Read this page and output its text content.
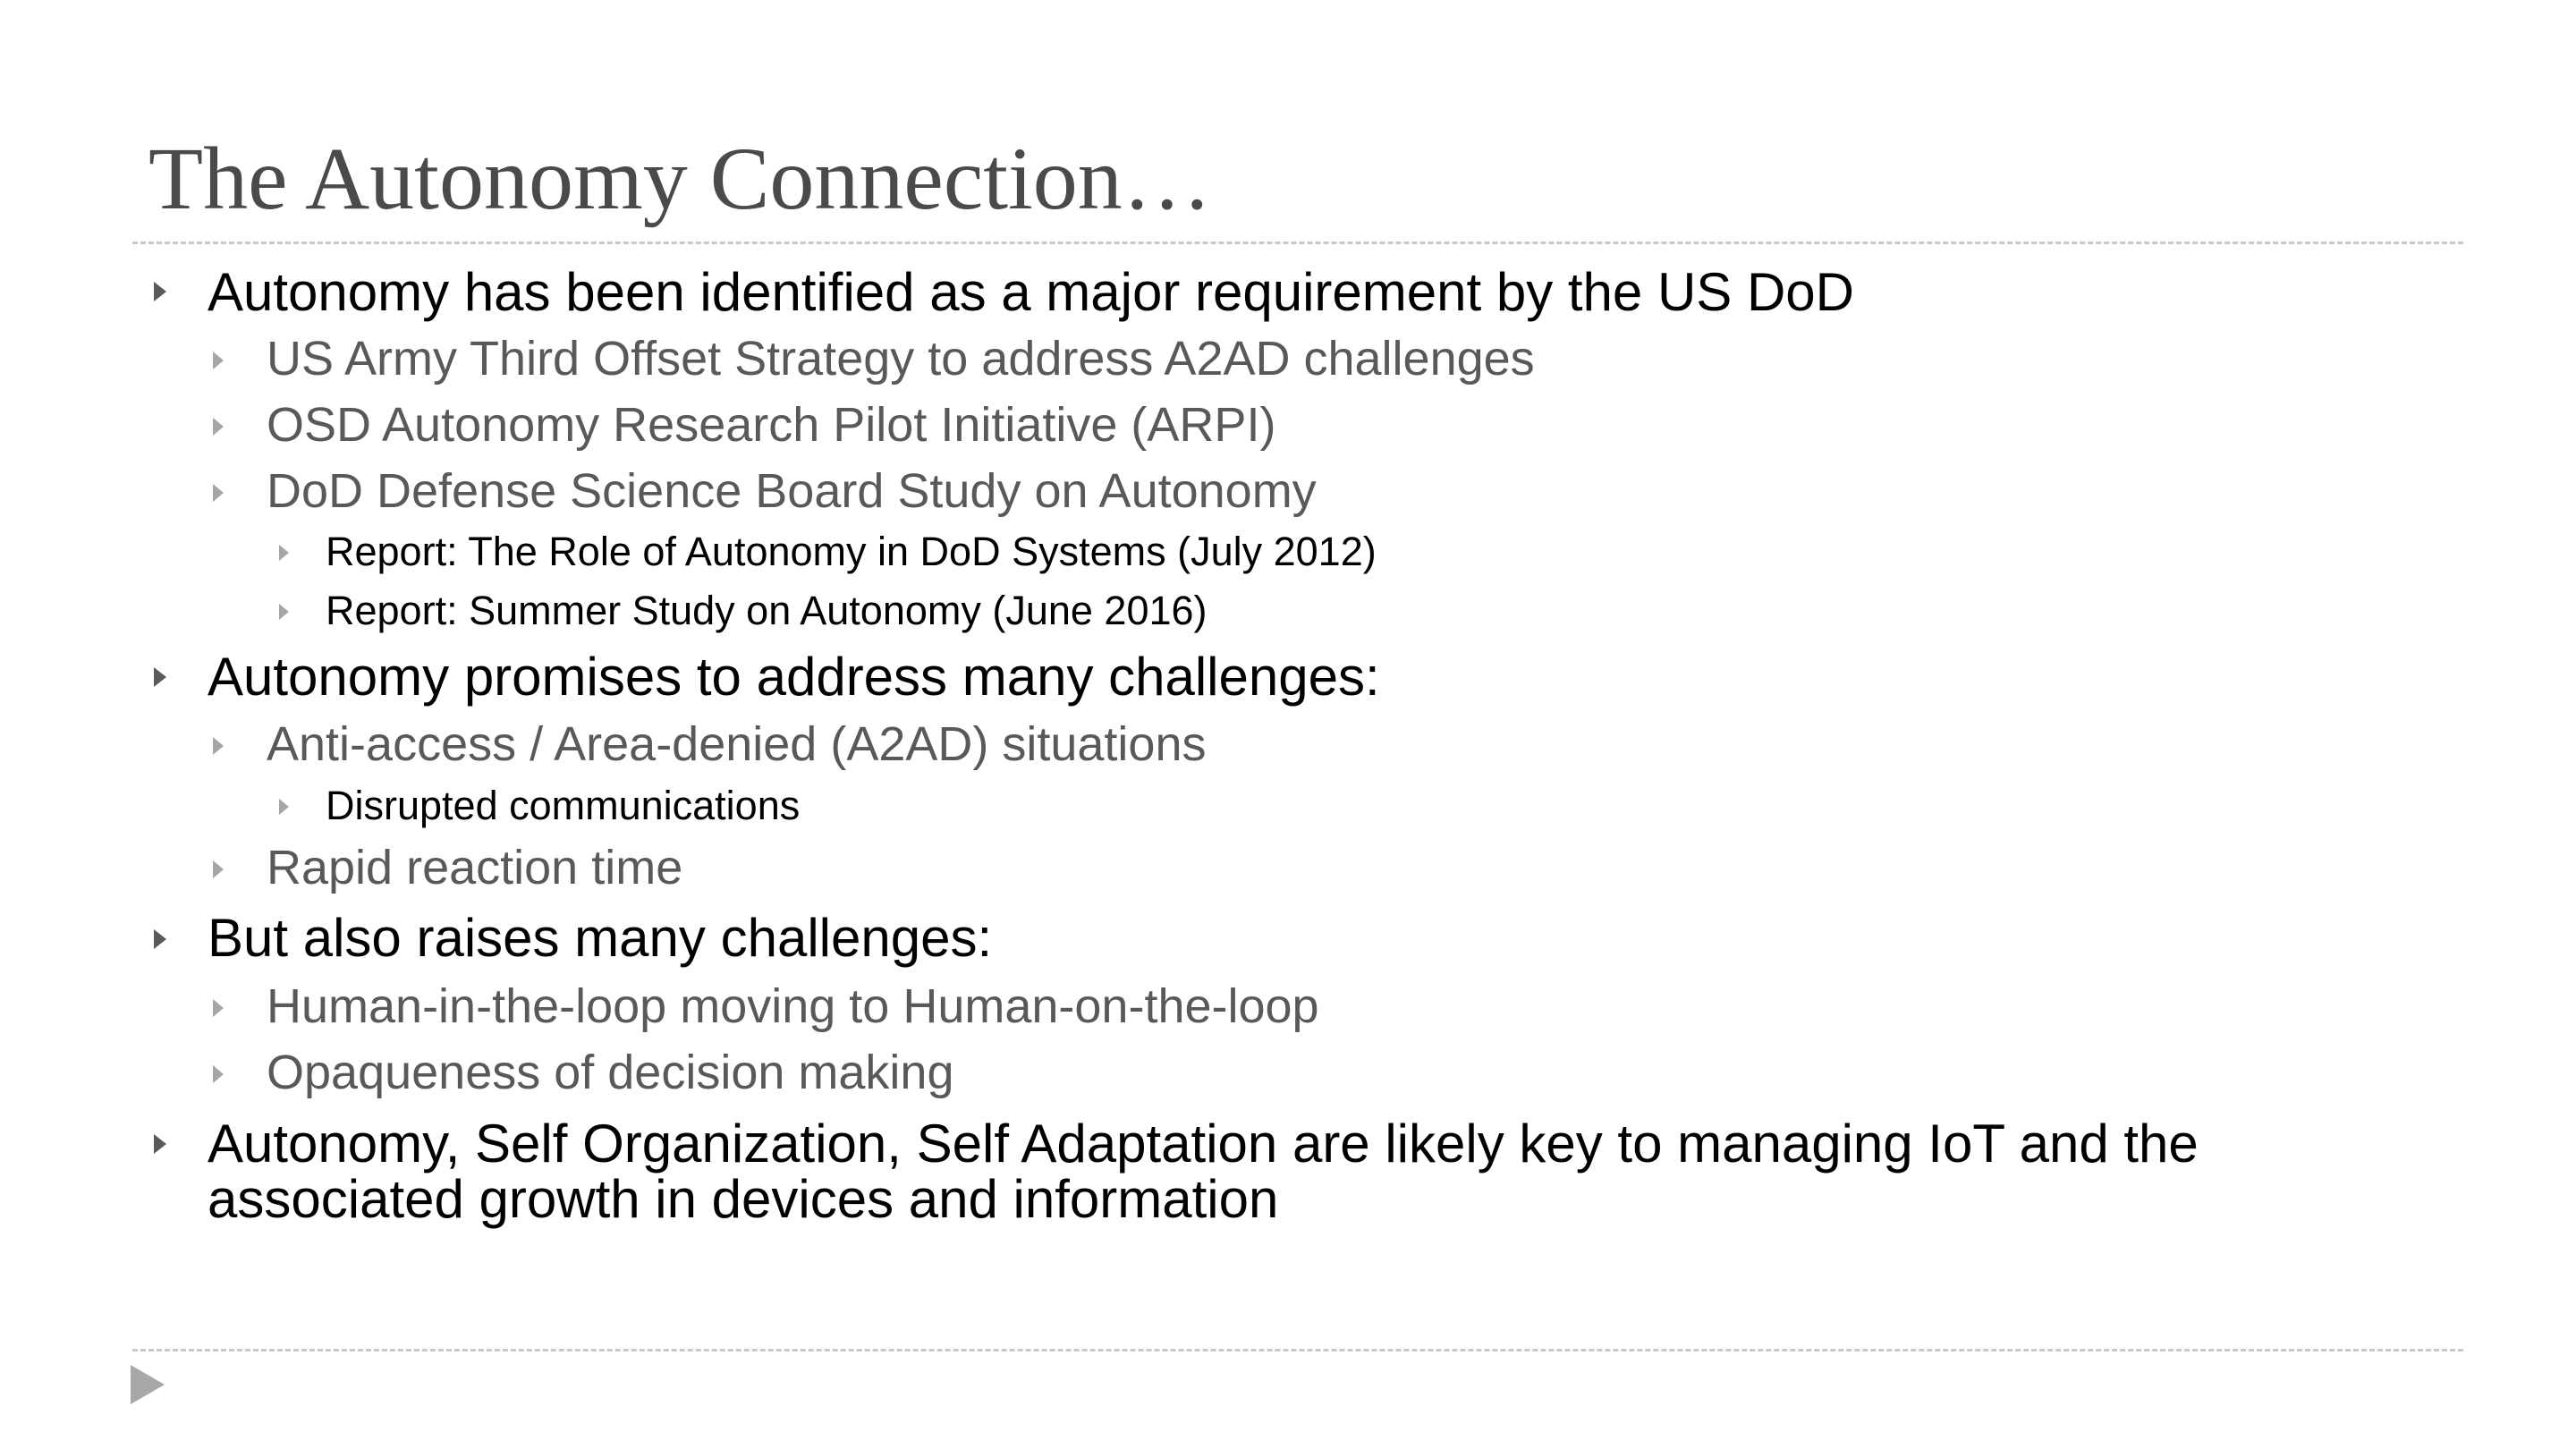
The Autonomy Connection…
Autonomy has been identified as a major requirement by the US DoD
US Army Third Offset Strategy to address A2AD challenges
OSD Autonomy Research Pilot Initiative (ARPI)
DoD Defense Science Board Study on Autonomy
Report: The Role of Autonomy in DoD Systems (July 2012)
Report: Summer Study on Autonomy (June 2016)
Autonomy promises to address many challenges:
Anti-access / Area-denied (A2AD) situations
Disrupted communications
Rapid reaction time
But also raises many challenges:
Human-in-the-loop moving to Human-on-the-loop
Opaqueness of decision making
Autonomy, Self Organization, Self Adaptation are likely key to managing IoT and the
associated growth in devices and information
